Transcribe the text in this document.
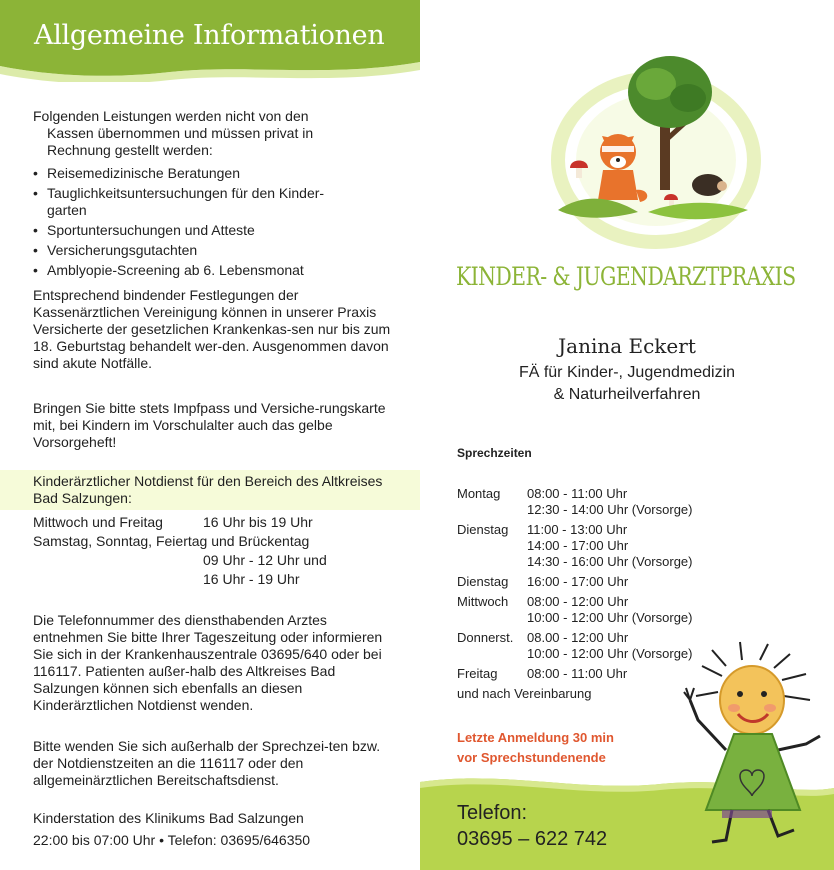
Allgemeine Informationen
Folgenden Leistungen werden nicht von den
Kassen übernommen und müssen privat in
Rechnung gestellt werden:
• Reisemedizinische Beratungen
• Tauglichkeitsuntersuchungen für den Kinder-
garten
• Sportuntersuchungen und Atteste
• Versicherungsgutachten
• Amblyopie-Screening ab 6. Lebensmonat
Entsprechend bindender Festlegungen der Kassenärztlichen Vereinigung können in unserer Praxis Versicherte der gesetzlichen Krankenkas-sen nur bis zum 18. Geburtstag behandelt wer-den. Ausgenommen davon sind akute Notfälle.
Bringen Sie bitte stets Impfpass und Versiche-rungskarte mit, bei Kindern im Vorschulalter auch das gelbe Vorsorgeheft!
Kinderärztlicher Notdienst für den Bereich des Altkreises Bad Salzungen:
Mittwoch und Freitag	16 Uhr bis 19 Uhr
Samstag, Sonntag, Feiertag und Brückentag
09 Uhr - 12 Uhr und
16 Uhr - 19 Uhr
Die Telefonnummer des diensthabenden Arztes entnehmen Sie bitte Ihrer Tageszeitung oder informieren Sie sich in der Krankenhauszentrale 03695/640 oder bei 116117. Patienten außer-halb des Altkreises Bad Salzungen können sich ebenfalls an diesen Kinderärztlichen Notdienst wenden.
Bitte wenden Sie sich außerhalb der Sprechzei-ten bzw. der Notdienstzeiten an die 116117 oder den allgemeinärztlichen Bereitschaftsdienst.
Kinderstation des Klinikums Bad Salzungen
22:00 bis 07:00 Uhr • Telefon: 03695/646350
KINDER- & JUGENDARZTPRAXIS
Janina Eckert
FÄ für Kinder-, Jugendmedizin
& Naturheilverfahren
Sprechzeiten
Montag 08:00 - 11:00 Uhr
12:30 - 14:00 Uhr (Vorsorge)
Dienstag 11:00 - 13:00 Uhr
14:00 - 17:00 Uhr
14:30 - 16:00 Uhr (Vorsorge)
Dienstag 16:00 - 17:00 Uhr
Mittwoch 08:00 - 12:00 Uhr
10:00 - 12:00 Uhr (Vorsorge)
Donnerst. 08.00 - 12:00 Uhr
10:00 - 12:00 Uhr (Vorsorge)
Freitag 08:00 - 11:00 Uhr
und nach Vereinbarung
Letzte Anmeldung 30 min
vor Sprechstundenende
Telefon:
03695 – 622 742
